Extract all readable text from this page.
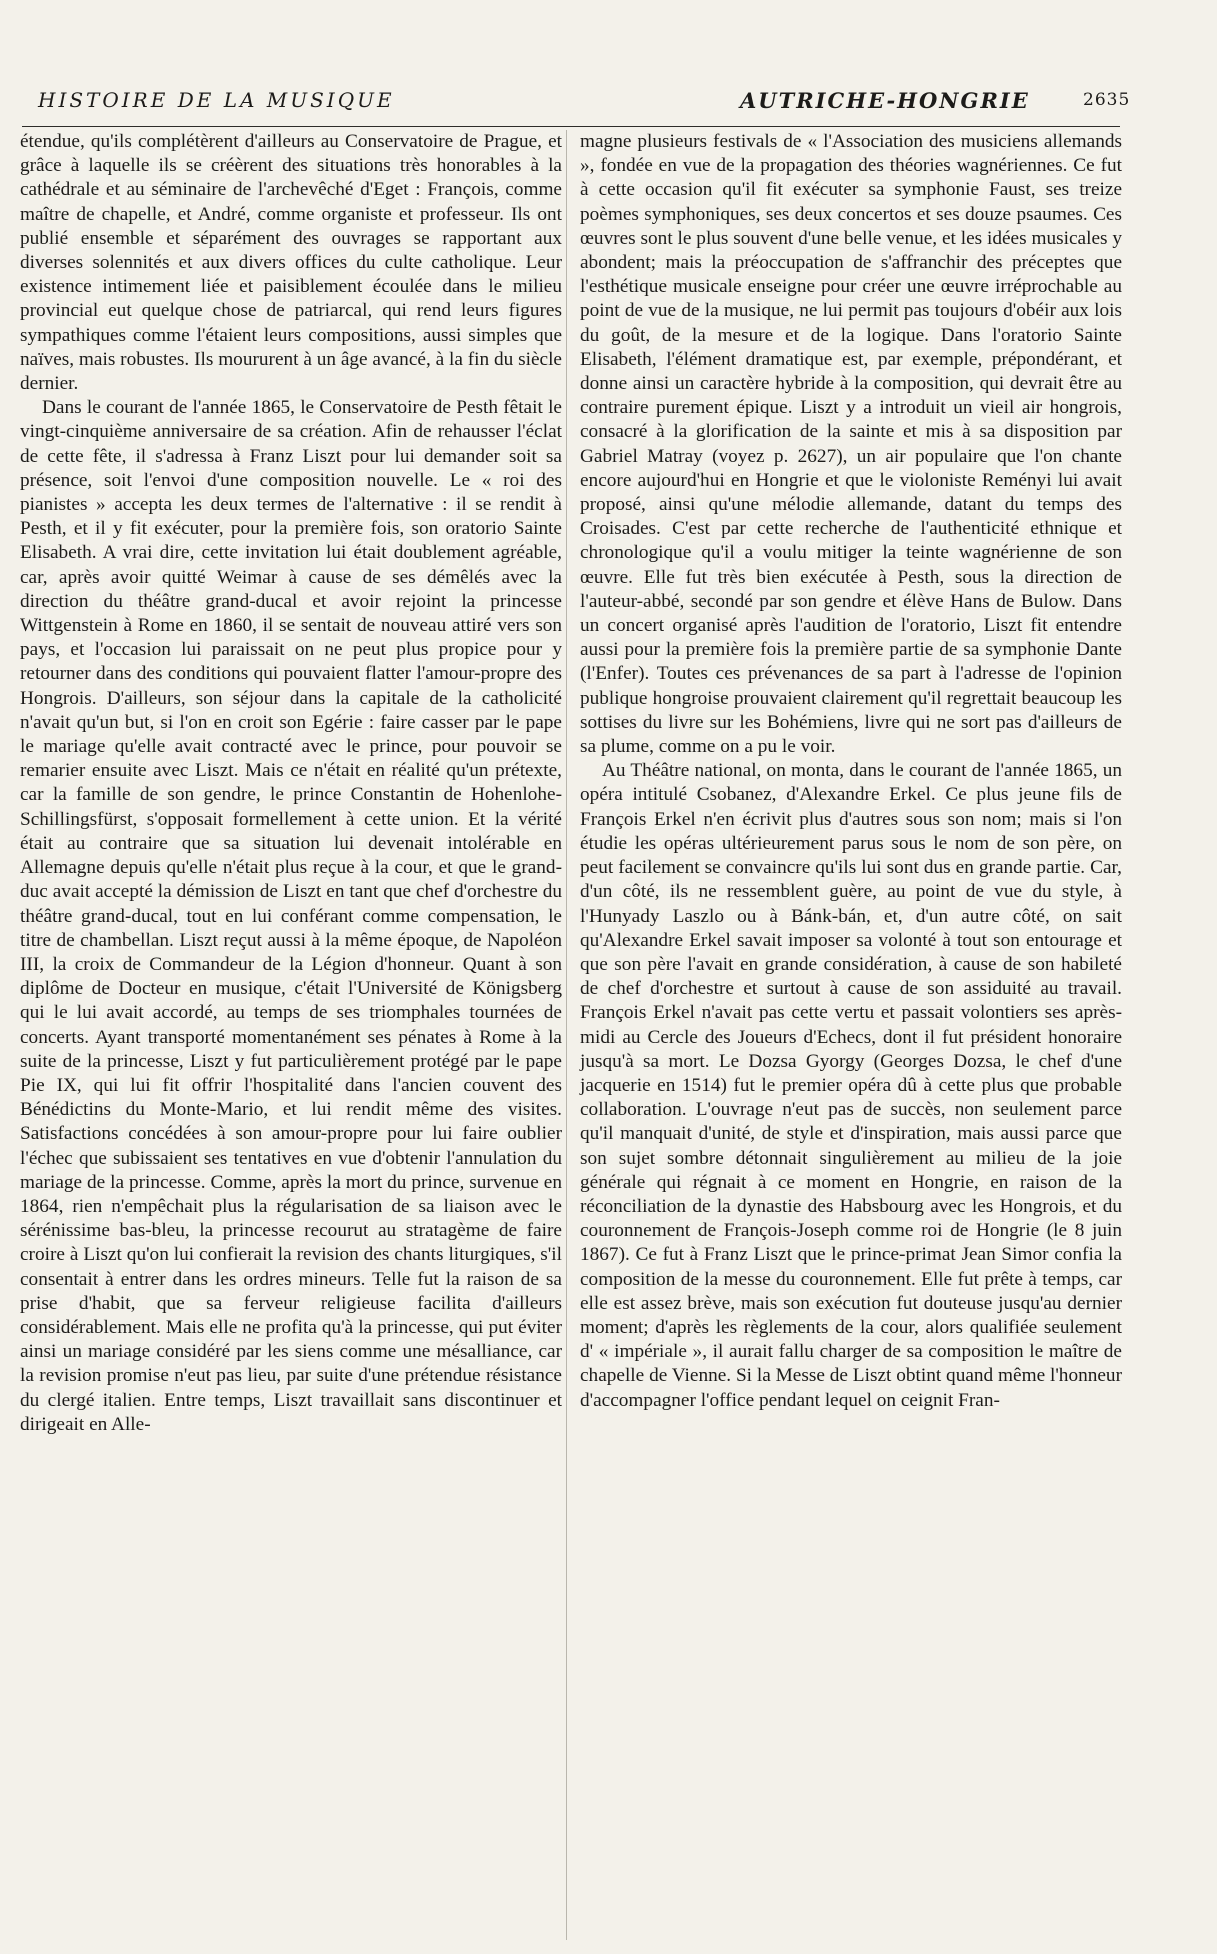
HISTOIRE DE LA MUSIQUE	AUTRICHE-HONGRIE	2635

étendue, qu'ils complétèrent d'ailleurs au Conservatoire de Prague, et grâce à laquelle ils se créèrent des situations très honorables à la cathédrale et au séminaire de l'archevêché d'Eget : François, comme maître de chapelle, et André, comme organiste et professeur. Ils ont publié ensemble et séparément des ouvrages se rapportant aux diverses solennités et aux divers offices du culte catholique. Leur existence intimement liée et paisiblement écoulée dans le milieu provincial eut quelque chose de patriarcal, qui rend leurs figures sympathiques comme l'étaient leurs compositions, aussi simples que naïves, mais robustes. Ils moururent à un âge avancé, à la fin du siècle dernier.

Dans le courant de l'année 1865, le Conservatoire de Pesth fêtait le vingt-cinquième anniversaire de sa création. Afin de rehausser l'éclat de cette fête, il s'adressa à Franz Liszt pour lui demander soit sa présence, soit l'envoi d'une composition nouvelle. Le « roi des pianistes » accepta les deux termes de l'alternative : il se rendit à Pesth, et il y fit exécuter, pour la première fois, son oratorio Sainte Elisabeth. A vrai dire, cette invitation lui était doublement agréable, car, après avoir quitté Weimar à cause de ses démêlés avec la direction du théâtre grand-ducal et avoir rejoint la princesse Wittgenstein à Rome en 1860, il se sentait de nouveau attiré vers son pays, et l'occasion lui paraissait on ne peut plus propice pour y retourner dans des conditions qui pouvaient flatter l'amour-propre des Hongrois. D'ailleurs, son séjour dans la capitale de la catholicité n'avait qu'un but, si l'on en croit son Egérie : faire casser par le pape le mariage qu'elle avait contracté avec le prince, pour pouvoir se remarier ensuite avec Liszt. Mais ce n'était en réalité qu'un prétexte, car la famille de son gendre, le prince Constantin de Hohenlohe-Schillingsfürst, s'opposait formellement à cette union. Et la vérité était au contraire que sa situation lui devenait intolérable en Allemagne depuis qu'elle n'était plus reçue à la cour, et que le grand-duc avait accepté la démission de Liszt en tant que chef d'orchestre du théâtre grand-ducal, tout en lui conférant comme compensation, le titre de chambellan. Liszt reçut aussi à la même époque, de Napoléon III, la croix de Commandeur de la Légion d'honneur. Quant à son diplôme de Docteur en musique, c'était l'Université de Königsberg qui le lui avait accordé, au temps de ses triomphales tournées de concerts. Ayant transporté momentanément ses pénates à Rome à la suite de la princesse, Liszt y fut particulièrement protégé par le pape Pie IX, qui lui fit offrir l'hospitalité dans l'ancien couvent des Bénédictins du Monte-Mario, et lui rendit même des visites. Satisfactions concédées à son amour-propre pour lui faire oublier l'échec que subissaient ses tentatives en vue d'obtenir l'annulation du mariage de la princesse. Comme, après la mort du prince, survenue en 1864, rien n'empêchait plus la régularisation de sa liaison avec le sérénissime bas-bleu, la princesse recourut au stratagème de faire croire à Liszt qu'on lui confierait la revision des chants liturgiques, s'il consentait à entrer dans les ordres mineurs. Telle fut la raison de sa prise d'habit, que sa ferveur religieuse facilita d'ailleurs considérablement. Mais elle ne profita qu'à la princesse, qui put éviter ainsi un mariage considéré par les siens comme une mésalliance, car la revision promise n'eut pas lieu, par suite d'une prétendue résistance du clergé italien. Entre temps, Liszt travaillait sans discontinuer et dirigeait en Alle-

magne plusieurs festivals de « l'Association des musiciens allemands », fondée en vue de la propagation des théories wagnériennes. Ce fut à cette occasion qu'il fit exécuter sa symphonie Faust, ses treize poèmes symphoniques, ses deux concertos et ses douze psaumes. Ces œuvres sont le plus souvent d'une belle venue, et les idées musicales y abondent; mais la préoccupation de s'affranchir des préceptes que l'esthétique musicale enseigne pour créer une œuvre irréprochable au point de vue de la musique, ne lui permit pas toujours d'obéir aux lois du goût, de la mesure et de la logique. Dans l'oratorio Sainte Elisabeth, l'élément dramatique est, par exemple, prépondérant, et donne ainsi un caractère hybride à la composition, qui devrait être au contraire purement épique. Liszt y a introduit un vieil air hongrois, consacré à la glorification de la sainte et mis à sa disposition par Gabriel Matray (voyez p. 2627), un air populaire que l'on chante encore aujourd'hui en Hongrie et que le violoniste Reményi lui avait proposé, ainsi qu'une mélodie allemande, datant du temps des Croisades. C'est par cette recherche de l'authenticité ethnique et chronologique qu'il a voulu mitiger la teinte wagnérienne de son œuvre. Elle fut très bien exécutée à Pesth, sous la direction de l'auteur-abbé, secondé par son gendre et élève Hans de Bulow. Dans un concert organisé après l'audition de l'oratorio, Liszt fit entendre aussi pour la première fois la première partie de sa symphonie Dante (l'Enfer). Toutes ces prévenances de sa part à l'adresse de l'opinion publique hongroise prouvaient clairement qu'il regrettait beaucoup les sottises du livre sur les Bohémiens, livre qui ne sort pas d'ailleurs de sa plume, comme on a pu le voir.

Au Théâtre national, on monta, dans le courant de l'année 1865, un opéra intitulé Csobanez, d'Alexandre Erkel. Ce plus jeune fils de François Erkel n'en écrivit plus d'autres sous son nom; mais si l'on étudie les opéras ultérieurement parus sous le nom de son père, on peut facilement se convaincre qu'ils lui sont dus en grande partie. Car, d'un côté, ils ne ressemblent guère, au point de vue du style, à l'Hunyady Laszlo ou à Bánk-bán, et, d'un autre côté, on sait qu'Alexandre Erkel savait imposer sa volonté à tout son entourage et que son père l'avait en grande considération, à cause de son habileté de chef d'orchestre et surtout à cause de son assiduité au travail. François Erkel n'avait pas cette vertu et passait volontiers ses après-midi au Cercle des Joueurs d'Echecs, dont il fut président honoraire jusqu'à sa mort. Le Dozsa Gyorgy (Georges Dozsa, le chef d'une jacquerie en 1514) fut le premier opéra dû à cette plus que probable collaboration. L'ouvrage n'eut pas de succès, non seulement parce qu'il manquait d'unité, de style et d'inspiration, mais aussi parce que son sujet sombre détonnait singulièrement au milieu de la joie générale qui régnait à ce moment en Hongrie, en raison de la réconciliation de la dynastie des Habsbourg avec les Hongrois, et du couronnement de François-Joseph comme roi de Hongrie (le 8 juin 1867). Ce fut à Franz Liszt que le prince-primat Jean Simor confia la composition de la messe du couronnement. Elle fut prête à temps, car elle est assez brève, mais son exécution fut douteuse jusqu'au dernier moment; d'après les règlements de la cour, alors qualifiée seulement d' « impériale », il aurait fallu charger de sa composition le maître de chapelle de Vienne. Si la Messe de Liszt obtint quand même l'honneur d'accompagner l'office pendant lequel on ceignit Fran-
